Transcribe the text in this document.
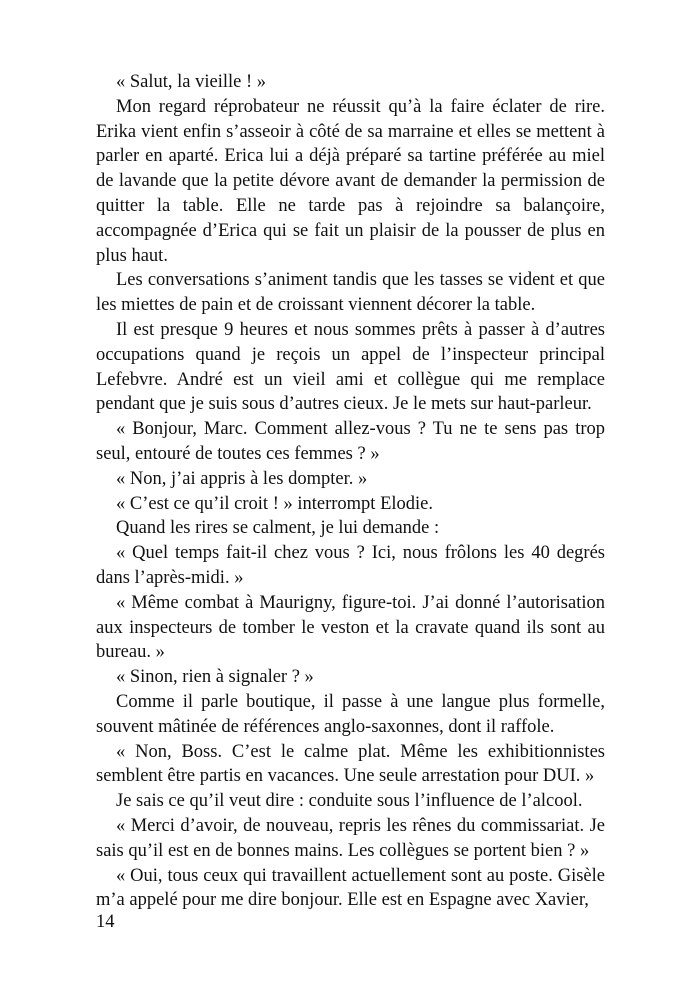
« Salut, la vieille ! »

Mon regard réprobateur ne réussit qu’à la faire éclater de rire. Erika vient enfin s’asseoir à côté de sa marraine et elles se mettent à parler en aparté. Erica lui a déjà préparé sa tartine préférée au miel de lavande que la petite dévore avant de demander la permission de quitter la table. Elle ne tarde pas à rejoindre sa balançoire, accompagnée d’Erica qui se fait un plaisir de la pousser de plus en plus haut.

Les conversations s’animent tandis que les tasses se vident et que les miettes de pain et de croissant viennent décorer la table.

Il est presque 9 heures et nous sommes prêts à passer à d’autres occupations quand je reçois un appel de l’inspecteur principal Lefebvre. André est un vieil ami et collègue qui me remplace pendant que je suis sous d’autres cieux. Je le mets sur haut-parleur.

« Bonjour, Marc. Comment allez-vous ? Tu ne te sens pas trop seul, entouré de toutes ces femmes ? »

« Non, j’ai appris à les dompter. »

« C’est ce qu’il croit ! » interrompt Elodie.

Quand les rires se calment, je lui demande :

« Quel temps fait-il chez vous ? Ici, nous frôlons les 40 degrés dans l’après-midi. »

« Même combat à Maurigny, figure-toi. J’ai donné l’autorisation aux inspecteurs de tomber le veston et la cravate quand ils sont au bureau. »

« Sinon, rien à signaler ? »

Comme il parle boutique, il passe à une langue plus formelle, souvent mâtinée de références anglo-saxonnes, dont il raffole.

« Non, Boss. C’est le calme plat. Même les exhibitionnistes semblent être partis en vacances. Une seule arrestation pour DUI. »

Je sais ce qu’il veut dire : conduite sous l’influence de l’alcool.

« Merci d’avoir, de nouveau, repris les rênes du commissariat. Je sais qu’il est en de bonnes mains. Les collègues se portent bien ? »

« Oui, tous ceux qui travaillent actuellement sont au poste. Gisèle m’a appelé pour me dire bonjour. Elle est en Espagne avec Xavier,

14
